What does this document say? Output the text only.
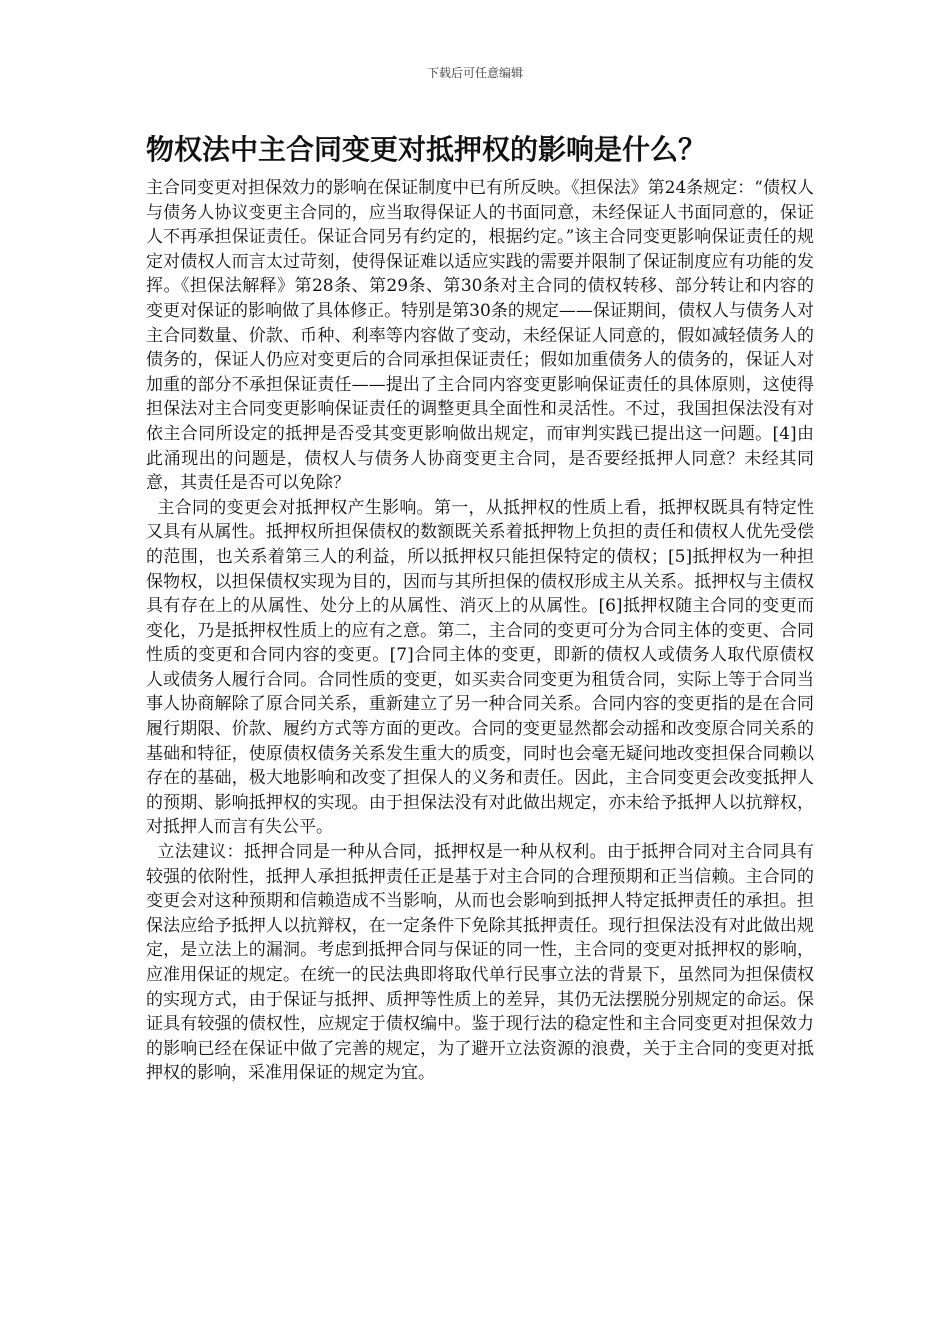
下载后可任意编辑
物权法中主合同变更对抵押权的影响是什么？

主合同变更对担保效力的影响在保证制度中已有所反映。《担保法》第24条规定：“债权人与债务人协议变更主合同的，应当取得保证人的书面同意，未经保证人书面同意的，保证人不再承担保证责任。保证合同另有约定的，根据约定。”该主合同变更影响保证责任的规定对债权人而言太过苛刻，使得保证难以适应实践的需要并限制了保证制度应有功能的发挥。《担保法解释》第28条、第29条、第30条对主合同的债权转移、部分转让和内容的变更对保证的影响做了具体修正。特别是第30条的规定——保证期间，债权人与债务人对主合同数量、价款、币种、利率等内容做了变动，未经保证人同意的，假如减轻债务人的债务的，保证人仍应对变更后的合同承担保证责任；假如加重债务人的债务的，保证人对加重的部分不承担保证责任——提出了主合同内容变更影响保证责任的具体原则，这使得担保法对主合同变更影响保证责任的调整更具全面性和灵活性。不过，我国担保法没有对依主合同所设定的抵押是否受其变更影响做出规定，而审判实践已提出这一问题。[4]由此涌现出的问题是，债权人与债务人协商变更主合同，是否要经抵押人同意？未经其同意，其责任是否可以免除？

主合同的变更会对抵押权产生影响。第一，从抵押权的性质上看，抵押权既具有特定性又具有从属性。抵押权所担保债权的数额既关系着抵押物上负担的责任和债权人优先受偿的范围，也关系着第三人的利益，所以抵押权只能担保特定的债权；[5]抵押权为一种担保物权，以担保债权实现为目的，因而与其所担保的债权形成主从关系。抵押权与主债权具有存在上的从属性、处分上的从属性、消灭上的从属性。[6]抵押权随主合同的变更而变化，乃是抵押权性质上的应有之意。第二，主合同的变更可分为合同主体的变更、合同性质的变更和合同内容的变更。[7]合同主体的变更，即新的债权人或债务人取代原债权人或债务人履行合同。合同性质的变更，如买卖合同变更为租赁合同，实际上等于合同当事人协商解除了原合同关系，重新建立了另一种合同关系。合同内容的变更指的是在合同履行期限、价款、履约方式等方面的更改。合同的变更显然都会动摇和改变原合同关系的基础和特征，使原债权债务关系发生重大的质变，同时也会毫无疑问地改变担保合同赖以存在的基础，极大地影响和改变了担保人的义务和责任。因此，主合同变更会改变抵押人的预期、影响抵押权的实现。由于担保法没有对此做出规定，亦未给予抵押人以抗辩权，对抵押人而言有失公平。

立法建议：抵押合同是一种从合同，抵押权是一种从权利。由于抵押合同对主合同具有较强的依附性，抵押人承担抵押责任正是基于对主合同的合理预期和正当信赖。主合同的变更会对这种预期和信赖造成不当影响，从而也会影响到抵押人特定抵押责任的承担。担保法应给予抵押人以抗辩权，在一定条件下免除其抵押责任。现行担保法没有对此做出规定，是立法上的漏洞。考虑到抵押合同与保证的同一性，主合同的变更对抵押权的影响，应准用保证的规定。在统一的民法典即将取代单行民事立法的背景下，虽然同为担保债权的实现方式，由于保证与抵押、质押等性质上的差异，其仍无法摆脱分别规定的命运。保证具有较强的债权性，应规定于债权编中。鉴于现行法的稳定性和主合同变更对担保效力的影响已经在保证中做了完善的规定，为了避开立法资源的浪费，关于主合同的变更对抵押权的影响，采准用保证的规定为宜。
